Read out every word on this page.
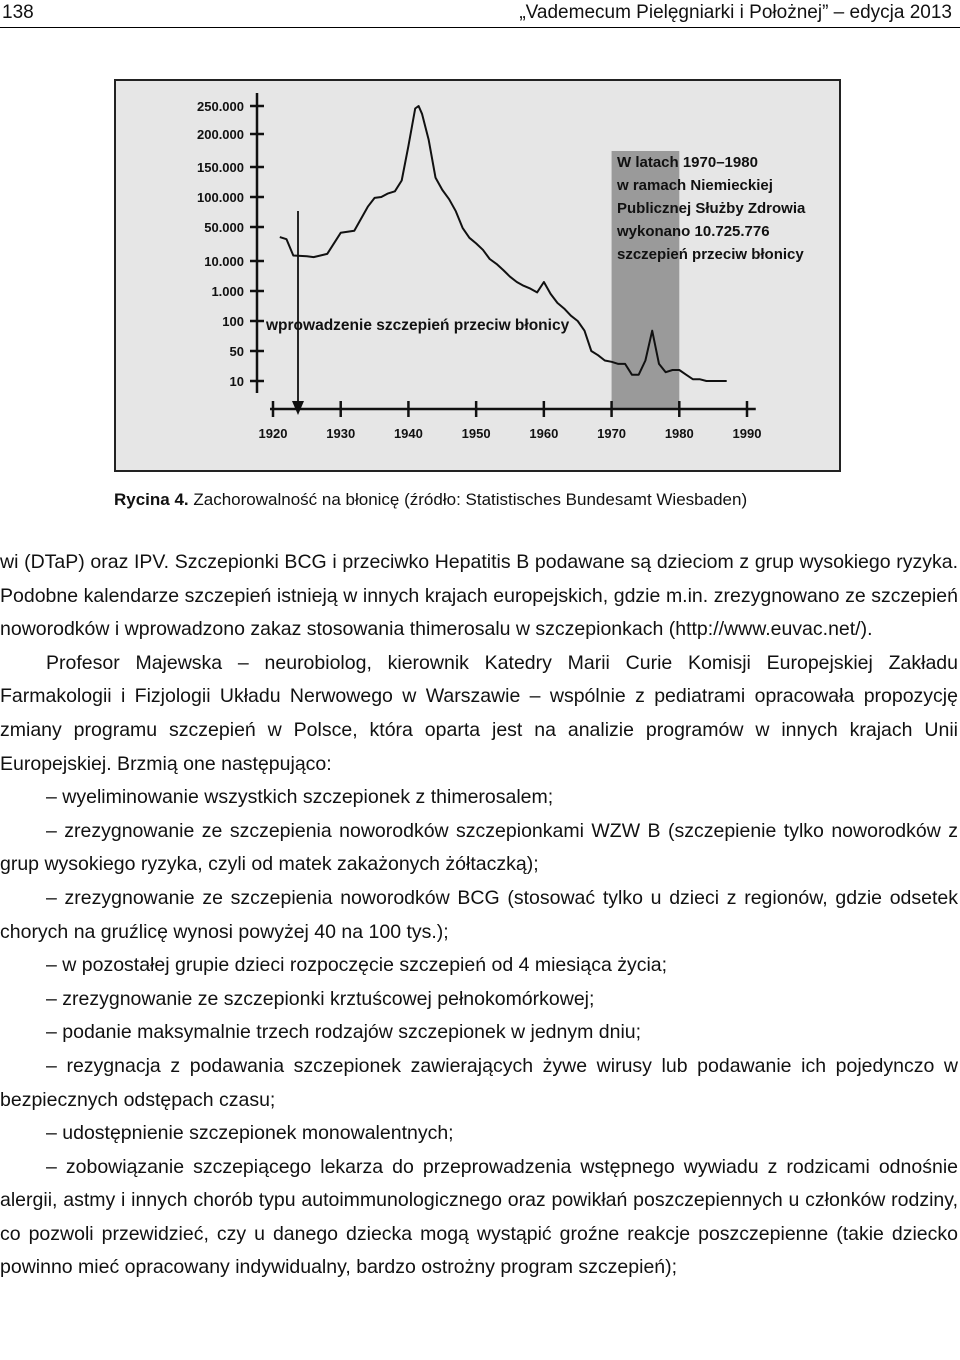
138	„Vademecum Pielęgniarki i Położnej” – edycja 2013
250.000
200.000
150.000
100.000
50.000
10.000
1.000
100
50
10
1920	1930	1940	1950	1960	1970	1980	1990
wprowadzenie szczepień przeciw błonicy
W latach 1970–1980
w ramach Niemieckiej
Publicznej Służby Zdrowia
wykonano 10.725.776
szczepień przeciw błonicy
Rycina 4. Zachorowalność na błonicę (źródło: Statistisches Bundesamt Wiesbaden)

wi (DTaP) oraz IPV. Szczepionki BCG i przeciwko Hepatitis B podawane są dzieciom z grup wysokiego ryzyka. Podobne kalendarze szczepień istnieją w innych krajach europejskich, gdzie m.in. zrezygnowano ze szczepień noworodków i wprowadzono zakaz stosowania thimerosalu w szczepionkach (http://www.euvac.net/).

Profesor Majewska – neurobiolog, kierownik Katedry Marii Curie Komisji Europejskiej Zakładu Farmakologii i Fizjologii Układu Nerwowego w Warszawie – wspólnie z pediatrami opracowała propozycję zmiany programu szczepień w Polsce, która oparta jest na analizie programów w innych krajach Unii Europejskiej. Brzmią one następująco:

– wyeliminowanie wszystkich szczepionek z thimerosalem;

– zrezygnowanie ze szczepienia noworodków szczepionkami WZW B (szczepienie tylko noworodków z grup wysokiego ryzyka, czyli od matek zakażonych żółtaczką);

– zrezygnowanie ze szczepienia noworodków BCG (stosować tylko u dzieci z regionów, gdzie odsetek chorych na gruźlicę wynosi powyżej 40 na 100 tys.);

– w pozostałej grupie dzieci rozpoczęcie szczepień od 4 miesiąca życia;

– zrezygnowanie ze szczepionki krztuścowej pełnokomórkowej;

– podanie maksymalnie trzech rodzajów szczepionek w jednym dniu;

– rezygnacja z podawania szczepionek zawierających żywe wirusy lub podawanie ich pojedynczo w bezpiecznych odstępach czasu;

– udostępnienie szczepionek monowalentnych;

– zobowiązanie szczepiącego lekarza do przeprowadzenia wstępnego wywiadu z rodzicami odnośnie alergii, astmy i innych chorób typu autoimmunologicznego oraz powikłań poszczepiennych u członków rodziny, co pozwoli przewidzieć, czy u danego dziecka mogą wystąpić groźne reakcje poszczepienne (takie dziecko powinno mieć opracowany indywidualny, bardzo ostrożny program szczepień);
